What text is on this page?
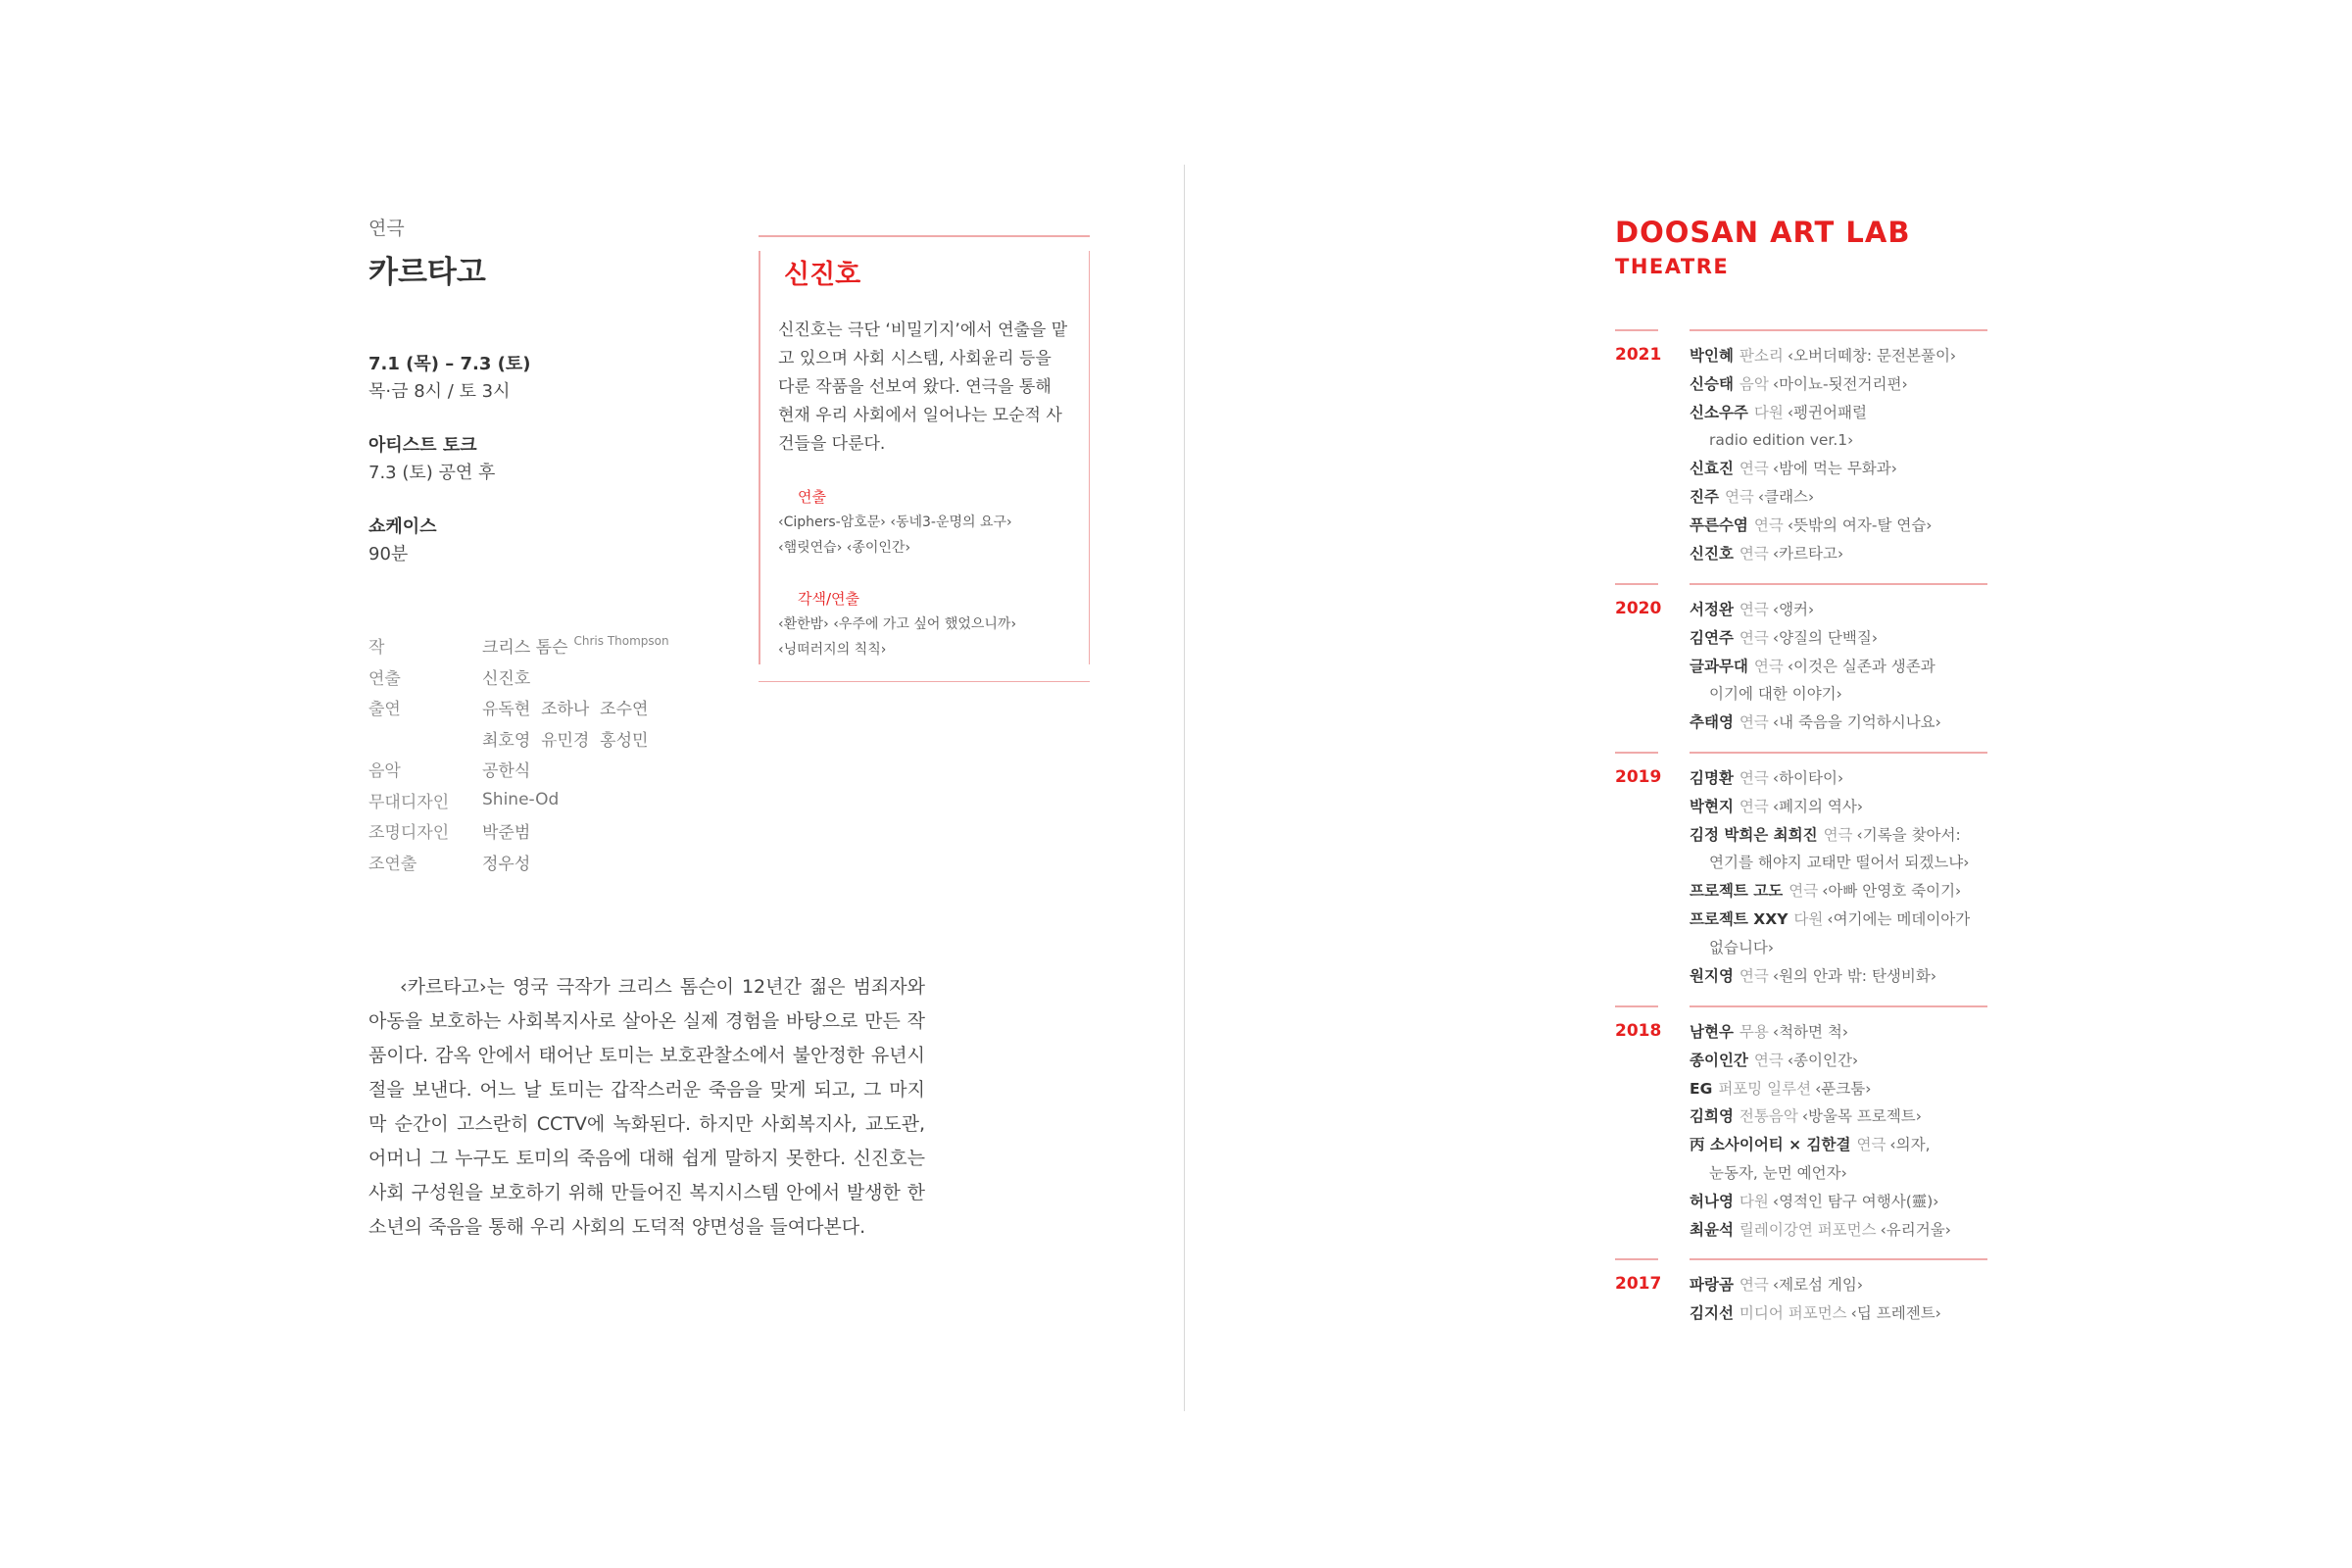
연극
카르타고
7.1 (목) – 7.3 (토)
목·금 8시 / 토 3시
아티스트 토크
7.3 (토) 공연 후
쇼케이스
90분
작	크리스 톰슨 Chris Thompson
연출	신진호
출연	유독현  조하나  조수연
최호영  유민경  홍성민
음악	공한식
무대디자인	Shine-Od
조명디자인	박준범
조연출	정우성
‹카르타고›는 영국 극작가 크리스 톰슨이 12년간 젊은 범죄자와 아동을 보호하는 사회복지사로 살아온 실제 경험을 바탕으로 만든 작품이다. 감옥 안에서 태어난 토미는 보호관찰소에서 불안정한 유년시절을 보낸다. 어느 날 토미는 갑작스러운 죽음을 맞게 되고, 그 마지막 순간이 고스란히 CCTV에 녹화된다. 하지만 사회복지사, 교도관, 어머니 그 누구도 토미의 죽음에 대해 쉽게 말하지 못한다. 신진호는 사회 구성원을 보호하기 위해 만들어진 복지시스템 안에서 발생한 한 소년의 죽음을 통해 우리 사회의 도덕적 양면성을 들여다본다.
신진호
신진호는 극단 ‘비밀기지’에서 연출을 맡고 있으며 사회 시스템, 사회윤리 등을 다룬 작품을 선보여 왔다. 연극을 통해 현재 우리 사회에서 일어나는 모순적 사건들을 다룬다.
연출
‹Ciphers-암호문› ‹동네3-운명의 요구›
‹햄릿연습› ‹종이인간›
각색/연출
‹환한밤› ‹우주에 가고 싶어 했었으니까›
‹닝떠러지의 칙칙›
DOOSAN ART LAB
THEATRE
2021 박인혜 판소리 ‹오버더떼창: 문전본풀이›
신승태 음악 ‹마이뇨-됫전거리편›
신소우주 다원 ‹펭귄어패럴
radio edition ver.1›
신효진 연극 ‹밤에 먹는 무화과›
진주 연극 ‹클래스›
푸른수염 연극 ‹뜻밖의 여자-탈 연습›
신진호 연극 ‹카르타고›
2020 서정완 연극 ‹앵커›
김연주 연극 ‹양질의 단백질›
글과무대 연극 ‹이것은 실존과 생존과
이기에 대한 이야기›
추태영 연극 ‹내 죽음을 기억하시나요›
2019 김명환 연극 ‹하이타이›
박현지 연극 ‹폐지의 역사›
김정 박희은 최희진 연극 ‹기록을 찾아서:
연기를 해야지 교태만 떨어서 되겠느냐›
프로젝트 고도 연극 ‹아빠 안영호 죽이기›
프로젝트 XXY 다원 ‹여기에는 메데이아가
없습니다›
원지영 연극 ‹원의 안과 밖: 탄생비화›
2018 남현우 무용 ‹척하면 척›
종이인간 연극 ‹종이인간›
EG 퍼포밍 일루션 ‹푼크툼›
김희영 전통음악 ‹방울목 프로젝트›
丙 소사이어티 × 김한결 연극 ‹의자,
눈동자, 눈먼 예언자›
허나영 다원 ‹영적인 탐구 여행사(靈)›
최윤석 릴레이강연 퍼포먼스 ‹유리거울›
2017 파랑곰 연극 ‹제로섬 게임›
김지선 미디어 퍼포먼스 ‹딥 프레젠트›
